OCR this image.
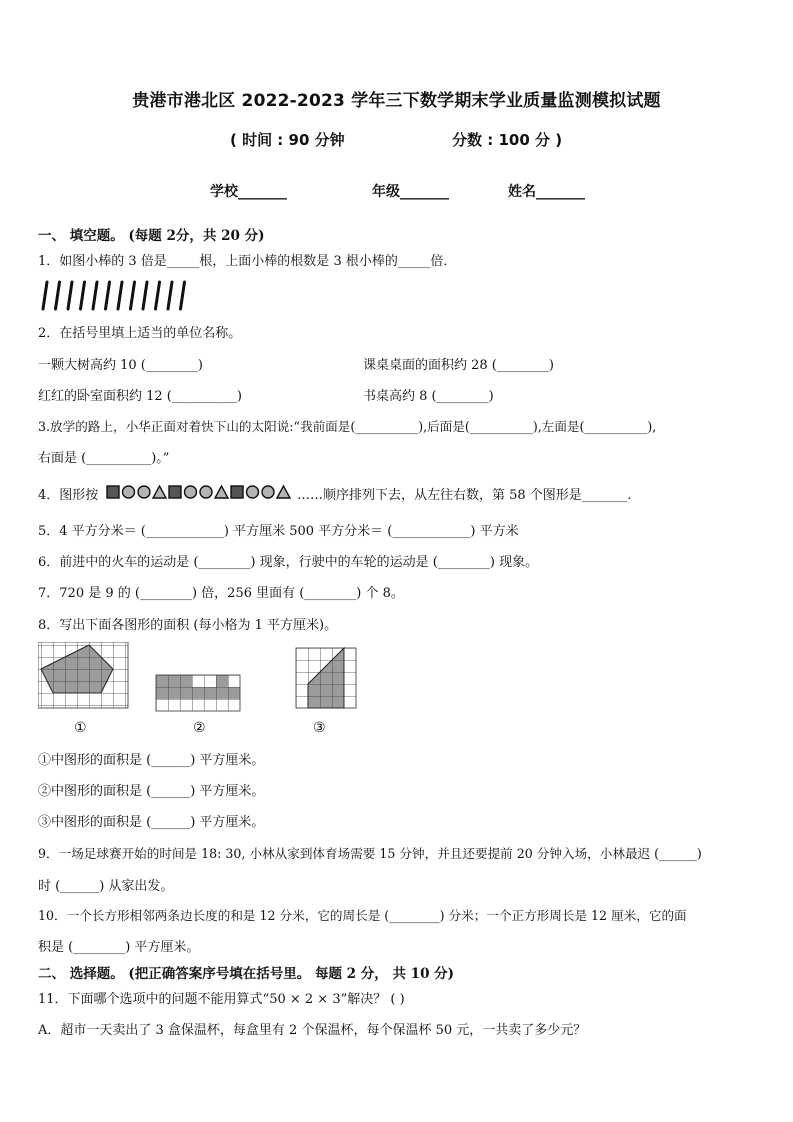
贵港市港北区 2022-2023 学年三下数学期末学业质量监测模拟试题
( 时间 : 90 分钟	分数 : 100 分 )
学校_______	年级_______	姓名_______
一、 填空题。 (每题 2分，共 20 分)
1．如图小棒的 3 倍是_____根，上面小棒的根数是 3 根小棒的_____倍．
2．在括号里填上适当的单位名称。
一颗大树高约 10 (________)	课桌桌面的面积约 28 (________)
红红的卧室面积约 12 (__________)	书桌高约 8 (________)
3.放学的路上，小华正面对着快下山的太阳说:“我前面是(__________),后面是(__________),左面是(__________),
右面是 (__________)。”
4．图形按	……顺序排列下去，从左往右数，第 58 个图形是_______.
5．4 平方分米＝ (____________) 平方厘米 500 平方分米＝ (____________) 平方米
6．前进中的火车的运动是 (________) 现象，行驶中的车轮的运动是 (________) 现象。
7．720 是 9 的 (________) 倍，256 里面有 (________) 个 8。
8．写出下面各图形的面积 (每小格为 1 平方厘米)。
①	②	③
①中图形的面积是 (______) 平方厘米。
②中图形的面积是 (______) 平方厘米。
③中图形的面积是 (______) 平方厘米。
9．一场足球赛开始的时间是 18: 30, 小林从家到体育场需要 15 分钟，并且还要提前 20 分钟入场，小林最迟 (______)
时 (______) 从家出发。
10．一个长方形相邻两条边长度的和是 12 分米，它的周长是 (________) 分米；一个正方形周长是 12 厘米，它的面
积是 (________) 平方厘米。
二、 选择题。 (把正确答案序号填在括号里。 每题 2 分， 共 10 分)
11．下面哪个选项中的问题不能用算式“50 × 2 × 3”解决？ ( )
A．超市一天卖出了 3 盒保温杯，每盒里有 2 个保温杯，每个保温杯 50 元，一共卖了多少元？
